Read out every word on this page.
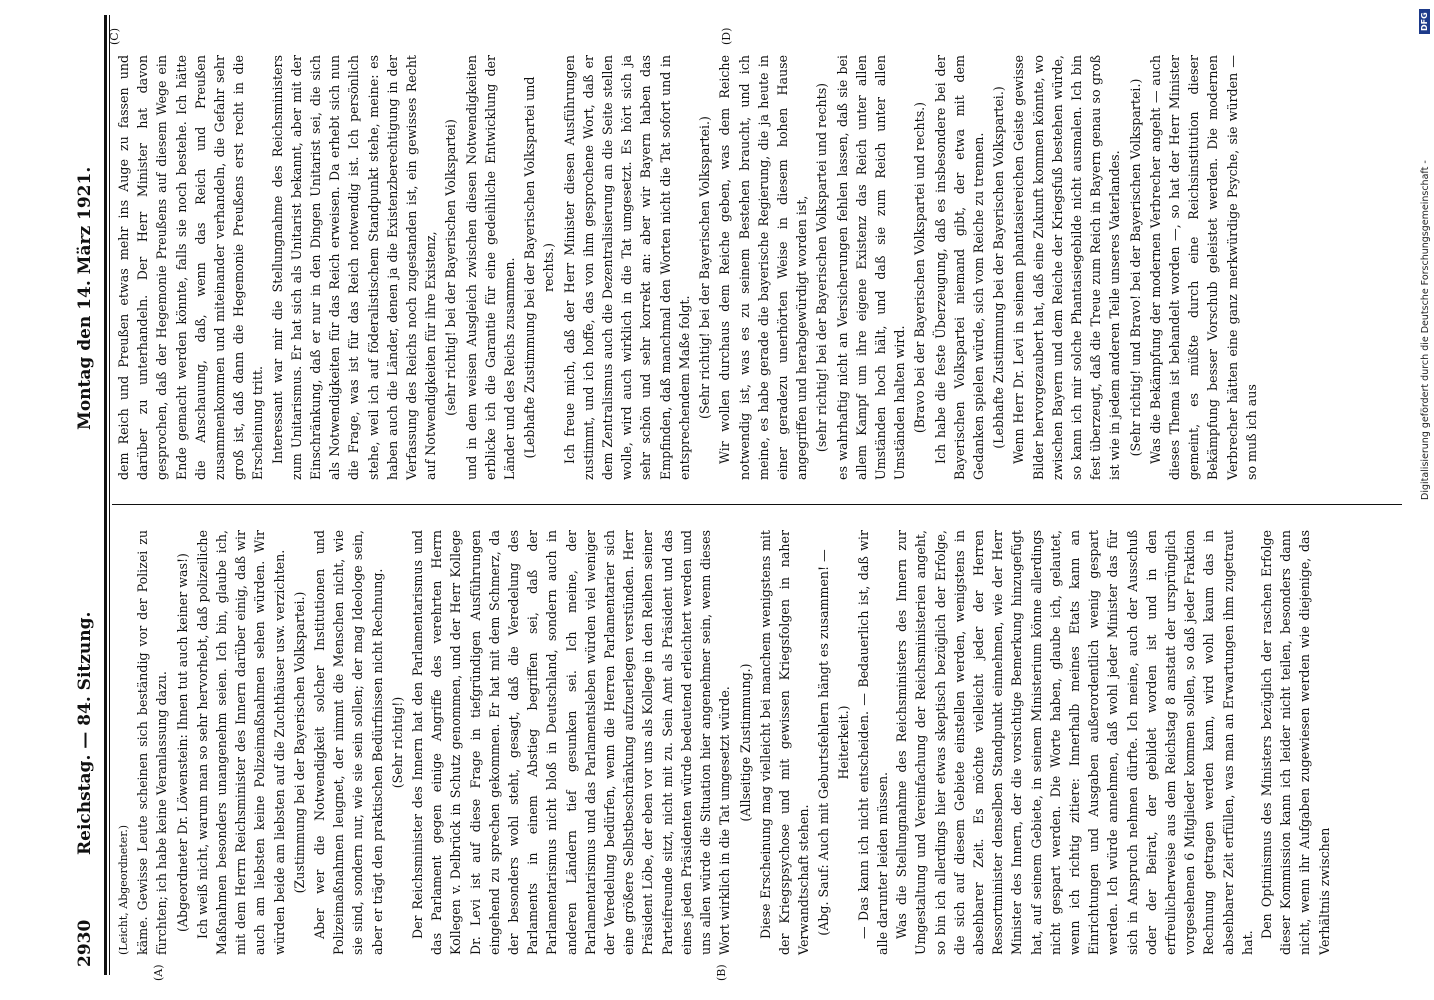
2930
Reichstag. — 84. Sitzung.
Montag den 14. März 1921.
(A)	(B)
(C)	(D)

(Leicht, Abgeordneter.) käme. Gewisse Leute scheinen sich beständig vor der Polizei zu fürchten; ich habe keine Veranlassung dazu. (Abgeordneter Dr. Löwenstein: Ihnen tut auch keiner was!) Ich weiß nicht, warum man so sehr hervorhebt, daß polizeiliche Maßnahmen besonders unangenehm seien. Ich bin, glaube ich, mit dem Herrn Reichsminister des Innern darüber einig, daß wir auch am liebsten keine Polizeimaßnahmen sehen würden. Wir würden beide am liebsten auf die Zuchthäuser usw. verzichten. (Zustimmung bei der Bayerischen Volkspartei.) Aber wer die Notwendigkeit solcher Institutionen und Polizeimaßnahmen leugnet, der nimmt die Menschen nicht, wie sie sind, sondern nur, wie sie sein sollen; der mag Ideologe sein, aber er trägt den praktischen Bedürfnissen nicht Rechnung. (Sehr richtig!) Der Reichsminister des Innern hat den Parlamentarismus und das Parlament gegen einige Angriffe des verehrten Herrn Kollegen v. Delbrück in Schutz genommen, und der Herr Kollege Dr. Levi ist auf diese Frage in tiefgründigen Ausführungen eingehend zu sprechen gekommen. Er hat mit dem Schmerz, da der besonders wohl steht, gesagt, daß die Veredelung des Parlaments in einem Abstieg begriffen sei, daß der Parlamentarismus nicht bloß in Deutschland, sondern auch in anderen Ländern tief gesunken sei. Ich meine, der Parlamentarismus und das Parlamentsleben würden viel weniger der Veredelung bedürfen, wenn die Herren Parlamentarier sich eine größere Selbstbeschränkung aufzuerlegen verstünden. Herr Präsident Löbe, der eben vor uns als Kollege in den Reihen seiner Parteifreunde sitzt, nicht mit zu. Sein Amt als Präsident und das eines jeden Präsidenten würde bedeutend erleichtert werden und uns allen würde die Situation hier angenehmer sein, wenn dieses Wort wirklich in die Tat umgesetzt würde. (Allseitige Zustimmung.) Diese Erscheinung mag vielleicht bei manchem wenigstens mit der Kriegspsychose und mit gewissen Kriegsfolgen in naher Verwandtschaft stehen. (Abg. Sauf: Auch mit Geburtsfehlern hängt es zusammen! — Heiterkeit.) — Das kann ich nicht entscheiden. — Bedauerlich ist, daß wir alle darunter leiden müssen. Was die Stellungnahme des Reichsministers des Innern zur Umgestaltung und Vereinfachung der Reichsministerien angeht, so bin ich allerdings hier etwas skeptisch bezüglich der Erfolge, die sich auf diesem Gebiete einstellen werden, wenigstens in absehbarer Zeit. Es möchte vielleicht jeder der Herren Ressortminister denselben Standpunkt einnehmen, wie der Herr Minister des Innern, der die vorsichtige Bemerkung hinzugefügt hat, auf seinem Gebiete, in seinem Ministerium könne allerdings nicht gespart werden. Die Worte haben, glaube ich, gelautet, wenn ich richtig zitiere: Innerhalb meines Etats kann an Einrichtungen und Ausgaben außerordentlich wenig gespart werden. Ich würde annehmen, daß wohl jeder Minister das für sich in Anspruch nehmen dürfte. Ich meine, auch der Ausschuß oder der Beirat, der gebildet worden ist und in den erfreulicherweise aus dem Reichstag 8 anstatt der ursprünglich vorgesehenen 6 Mitglieder kommen sollen, so daß jeder Fraktion Rechnung getragen werden kann, wird wohl kaum das in absehbarer Zeit erfüllen, was man an Erwartungen ihm zugetraut hat.

Den Optimismus des Ministers bezüglich der raschen Erfolge dieser Kommission kann ich leider nicht teilen, besonders dann nicht, wenn ihr Aufgaben zugewiesen werden wie diejenige, das Verhältnis zwischen

dem Reich und Preußen etwas mehr ins Auge zu fassen und darüber zu unterhandeln. Der Herr Minister hat davon gesprochen, daß der Hegemonie Preußens auf diesem Wege ein Ende gemacht werden könnte, falls sie noch bestehe. Ich hätte die Anschauung, daß, wenn das Reich und Preußen zusammenkommen und miteinander verhandeln, die Gefahr sehr groß ist, daß dann die Hegemonie Preußens erst recht in die Erscheinung tritt. Interessant war mir die Stellungnahme des Reichsministers zum Unitarismus. Er hat sich als Unitarist bekannt, aber mit der Einschränkung, daß er nur in den Dingen Unitarist sei, die sich als Notwendigkeiten für das Reich erweisen. Da erhebt sich nun die Frage, was ist für das Reich notwendig ist. Ich persönlich stehe, weil ich auf föderalistischem Standpunkt stehe, meine: es haben auch die Länder, denen ja die Existenzberechtigung in der Verfassung des Reichs noch zugestanden ist, ein gewisses Recht auf Notwendigkeiten für ihre Existenz, (sehr richtig! bei der Bayerischen Volkspartei) und in dem weisen Ausgleich zwischen diesen Notwendigkeiten erblicke ich die Garantie für eine gedeihliche Entwicklung der Länder und des Reichs zusammen. (Lebhafte Zustimmung bei der Bayerischen Volkspartei und rechts.) Ich freue mich, daß der Herr Minister diesen Ausführungen zustimmt, und ich hoffe, das von ihm gesprochene Wort, daß er dem Zentralismus auch die Dezentralisierung an die Seite stellen wolle, wird auch wirklich in die Tat umgesetzt. Es hört sich ja sehr schön und sehr korrekt an: aber wir Bayern haben das Empfinden, daß manchmal den Worten nicht die Tat sofort und in entsprechendem Maße folgt. (Sehr richtig! bei der Bayerischen Volkspartei.) Wir wollen durchaus dem Reiche geben, was dem Reiche notwendig ist, was es zu seinem Bestehen braucht, und ich meine, es habe gerade die bayerische Regierung, die ja heute in einer geradezu unerhörten Weise in diesem hohen Hause angegriffen und herabgewürdigt worden ist, (sehr richtig! bei der Bayerischen Volkspartei und rechts) es wahrhaftig nicht an Versicherungen fehlen lassen, daß sie bei allem Kampf um ihre eigene Existenz das Reich unter allen Umständen hoch hält, und daß sie zum Reich unter allen Umständen halten wird. (Bravo bei der Bayerischen Volkspartei und rechts.) Ich habe die feste Überzeugung, daß es insbesondere bei der Bayerischen Volkspartei niemand gibt, der etwa mit dem Gedanken spielen würde, sich vom Reiche zu trennen. (Lebhafte Zustimmung bei der Bayerischen Volkspartei.) Wenn Herr Dr. Levi in seinem phantasiereichen Geiste gewisse Bilder hervorgezaubert hat, daß eine Zukunft kommen könnte, wo zwischen Bayern und dem Reiche der Kriegsfuß bestehen würde, so kann ich mir solche Phantasiegebilde nicht ausmalen. Ich bin fest überzeugt, daß die Treue zum Reich in Bayern genau so groß ist wie in jedem anderen Teile unseres Vaterlandes. (Sehr richtig! und Bravo! bei der Bayerischen Volkspartei.) Was die Bekämpfung der modernen Verbrecher angeht — auch dieses Thema ist behandelt worden —, so hat der Herr Minister gemeint, es müßte durch eine Reichsinstitution dieser Bekämpfung besser Vorschub geleistet werden. Die modernen Verbrecher hätten eine ganz merkwürdige Psyche, sie würden — so muß ich aus	Digitalisierung gefördert durch die Deutsche Forschungsgemeinschaft -
DFG
